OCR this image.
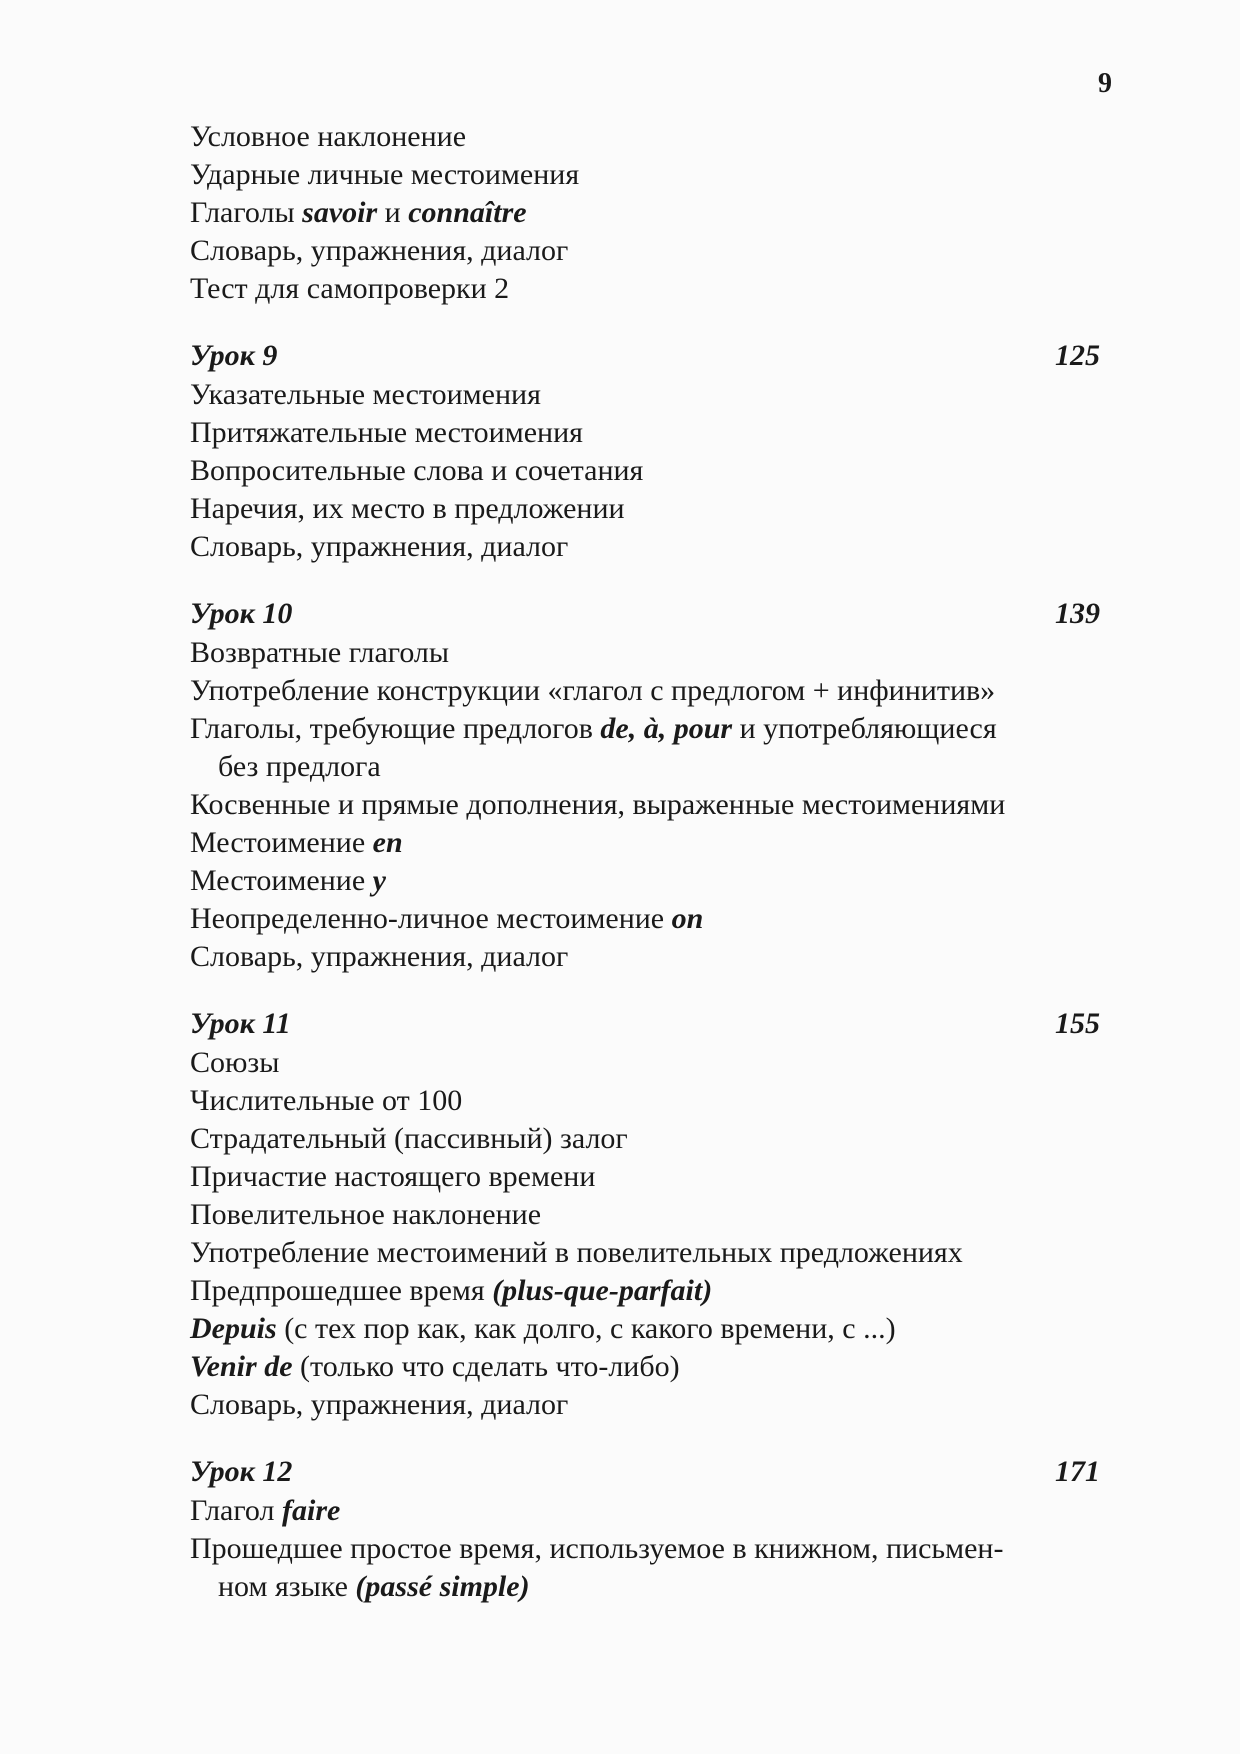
9
Условное наклонение
Ударные личные местоимения
Глаголы savoir и connaître
Словарь, упражнения, диалог
Тест для самопроверки 2
Урок 9	125
Указательные местоимения
Притяжательные местоимения
Вопросительные слова и сочетания
Наречия, их место в предложении
Словарь, упражнения, диалог
Урок 10	139
Возвратные глаголы
Употребление конструкции «глагол с предлогом + инфинитив»
Глаголы, требующие предлогов de, à, pour и употребляющиеся
без предлога
Косвенные и прямые дополнения, выраженные местоимениями
Местоимение en
Местоимение y
Неопределенно-личное местоимение on
Словарь, упражнения, диалог
Урок 11	155
Союзы
Числительные от 100
Страдательный (пассивный) залог
Причастие настоящего времени
Повелительное наклонение
Употребление местоимений в повелительных предложениях
Предпрошедшее время (plus-que-parfait)
Depuis (с тех пор как, как долго, с какого времени, с ...)
Venir de (только что сделать что-либо)
Словарь, упражнения, диалог
Урок 12	171
Глагол faire
Прошедшее простое время, используемое в книжном, письмен-
ном языке (passé simple)
